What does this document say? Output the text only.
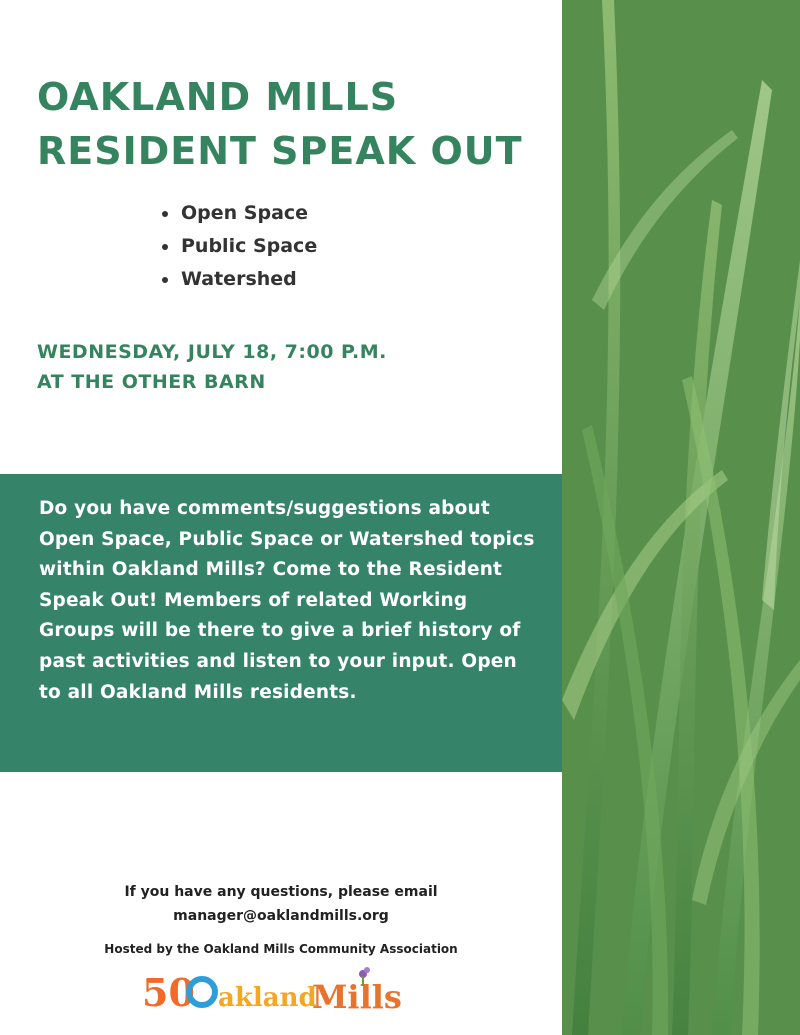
OAKLAND MILLS
RESIDENT SPEAK OUT
Open Space
Public Space
Watershed
WEDNESDAY, JULY 18, 7:00 P.M.
AT THE OTHER BARN

Do you have comments/suggestions about Open Space, Public Space or Watershed topics within Oakland Mills? Come to the Resident Speak Out! Members of related Working Groups will be there to give a brief history of past activities and listen to your input. Open to all Oakland Mills residents.

If you have any questions, please email
manager@oaklandmills.org
Hosted by the Oakland Mills Community Association
50 akland
Mills
